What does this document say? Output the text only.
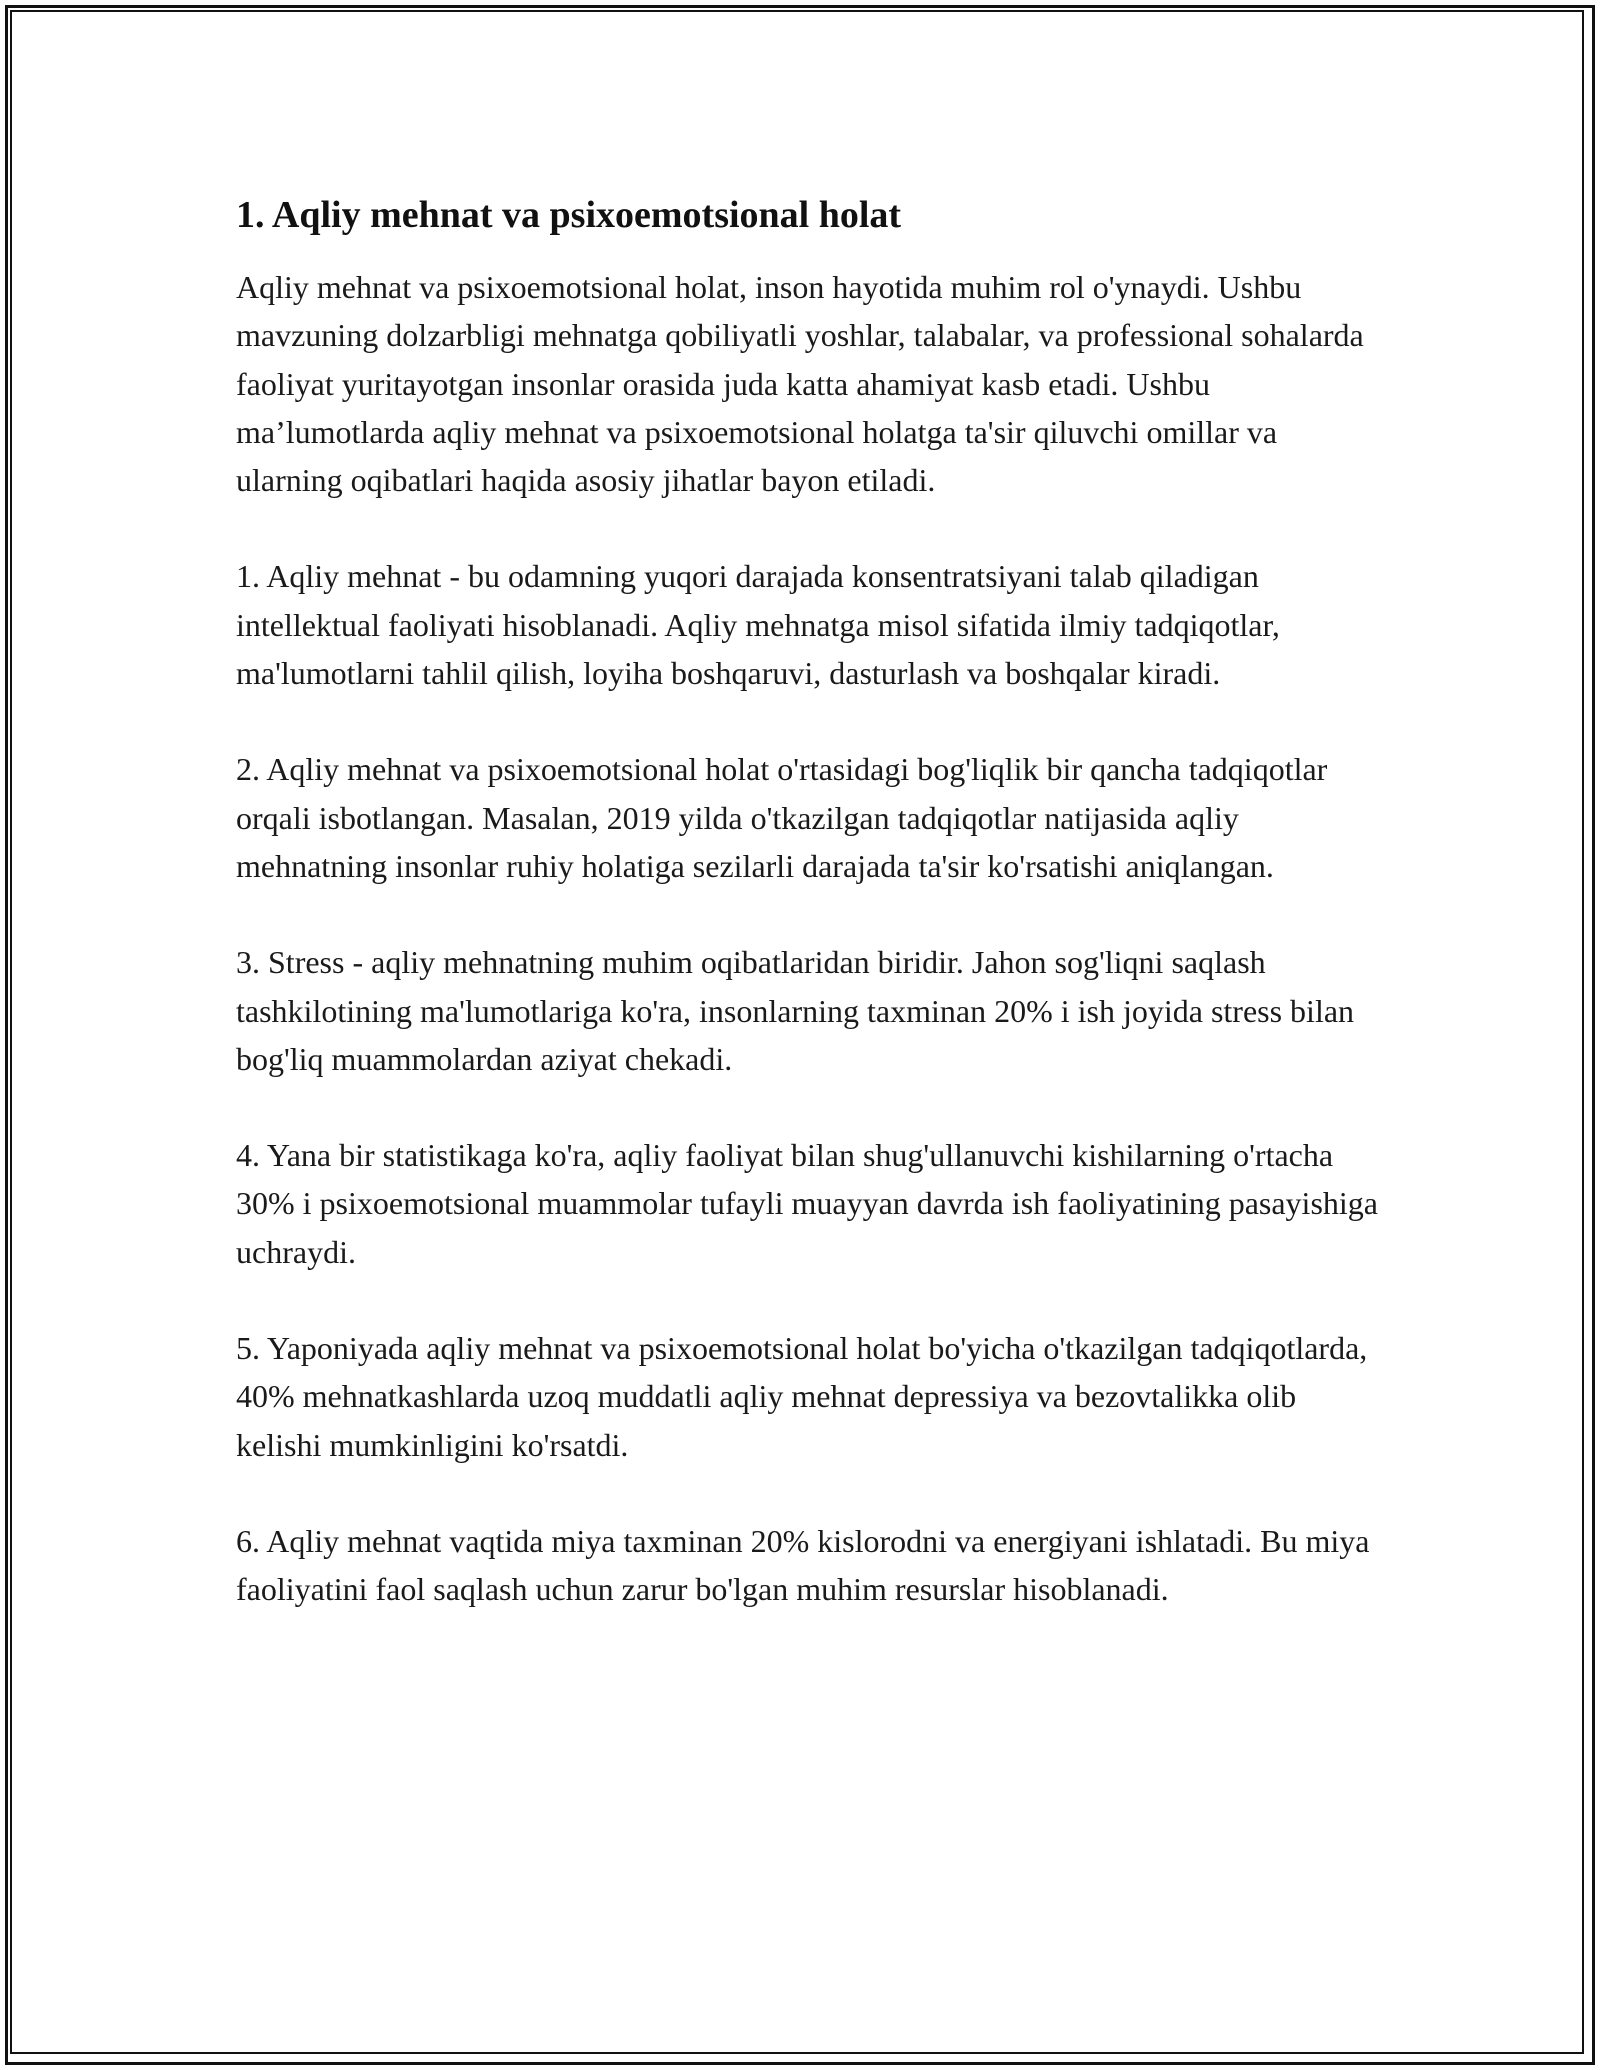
1. Aqliy mehnat va psixoemotsional holat

Aqliy mehnat va psixoemotsional holat, inson hayotida muhim rol o'ynaydi. Ushbu mavzuning dolzarbligi mehnatga qobiliyatli yoshlar, talabalar, va professional sohalarda faoliyat yuritayotgan insonlar orasida juda katta ahamiyat kasb etadi. Ushbu ma’lumotlarda aqliy mehnat va psixoemotsional holatga ta'sir qiluvchi omillar va ularning oqibatlari haqida asosiy jihatlar bayon etiladi.

1. Aqliy mehnat - bu odamning yuqori darajada konsentratsiyani talab qiladigan intellektual faoliyati hisoblanadi. Aqliy mehnatga misol sifatida ilmiy tadqiqotlar, ma'lumotlarni tahlil qilish, loyiha boshqaruvi, dasturlash va boshqalar kiradi.

2. Aqliy mehnat va psixoemotsional holat o'rtasidagi bog'liqlik bir qancha tadqiqotlar orqali isbotlangan. Masalan, 2019 yilda o'tkazilgan tadqiqotlar natijasida aqliy mehnatning insonlar ruhiy holatiga sezilarli darajada ta'sir ko'rsatishi aniqlangan.

3. Stress - aqliy mehnatning muhim oqibatlaridan biridir. Jahon sog'liqni saqlash tashkilotining ma'lumotlariga ko'ra, insonlarning taxminan 20% i ish joyida stress bilan bog'liq muammolardan aziyat chekadi.

4. Yana bir statistikaga ko'ra, aqliy faoliyat bilan shug'ullanuvchi kishilarning o'rtacha 30% i psixoemotsional muammolar tufayli muayyan davrda ish faoliyatining pasayishiga uchraydi.

5. Yaponiyada aqliy mehnat va psixoemotsional holat bo'yicha o'tkazilgan tadqiqotlarda, 40% mehnatkashlarda uzoq muddatli aqliy mehnat depressiya va bezovtalikka olib kelishi mumkinligini ko'rsatdi.

6. Aqliy mehnat vaqtida miya taxminan 20% kislorodni va energiyani ishlatadi. Bu miya faoliyatini faol saqlash uchun zarur bo'lgan muhim resurslar hisoblanadi.
